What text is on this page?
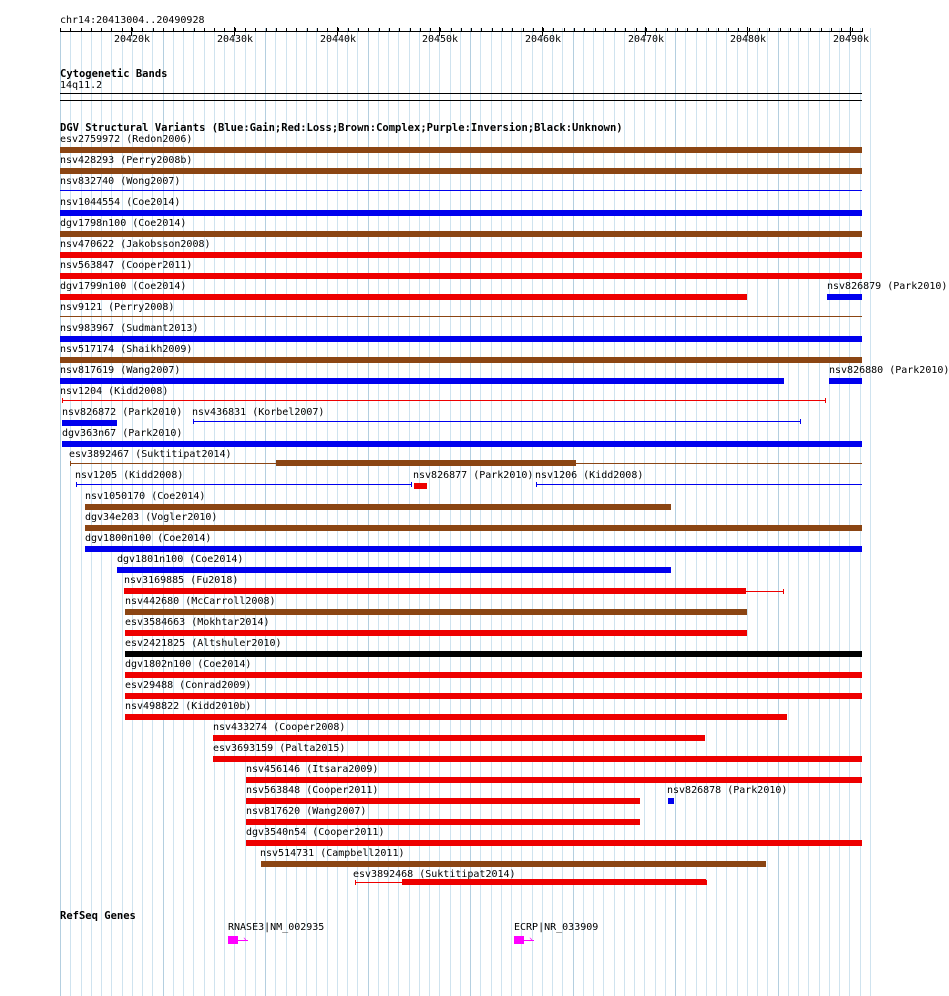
chr14:20413004..20490928
20420k	20430k	20440k	20450k	20460k	20470k	20480k	20490k
Cytogenetic Bands
14q11.2
DGV Structural Variants (Blue:Gain;Red:Loss;Brown:Complex;Purple:Inversion;Black:Unknown)
esv2759972 (Redon2006)
nsv428293 (Perry2008b)
nsv832740 (Wong2007)
nsv1044554 (Coe2014)
dgv1798n100 (Coe2014)
nsv470622 (Jakobsson2008)
nsv563847 (Cooper2011)
dgv1799n100 (Coe2014)	nsv826879 (Park2010)
nsv9121 (Perry2008)
nsv983967 (Sudmant2013)
nsv517174 (Shaikh2009)
nsv817619 (Wang2007)	nsv826880 (Park2010)
nsv1204 (Kidd2008)
nsv826872 (Park2010) nsv436831 (Korbel2007)
dgv363n67 (Park2010)
esv3892467 (Suktitipat2014)
nsv1205 (Kidd2008)	nsv826877 (Park2010) nsv1206 (Kidd2008)
nsv1050170 (Coe2014)
dgv34e203 (Vogler2010)
dgv1800n100 (Coe2014)
dgv1801n100 (Coe2014)
nsv3169885 (Fu2018)
nsv442680 (McCarroll2008)
esv3584663 (Mokhtar2014)
esv2421825 (Altshuler2010)
dgv1802n100 (Coe2014)
esv29488 (Conrad2009)
nsv498822 (Kidd2010b)
nsv433274 (Cooper2008)
esv3693159 (Palta2015)
nsv456146 (Itsara2009)
nsv563848 (Cooper2011)	nsv826878 (Park2010)
nsv817620 (Wang2007)
dgv3540n54 (Cooper2011)
nsv514731 (Campbell2011)
esv3892468 (Suktitipat2014)
RefSeq Genes
RNASE3|NM_002935
›
ECRP|NR_033909
›
